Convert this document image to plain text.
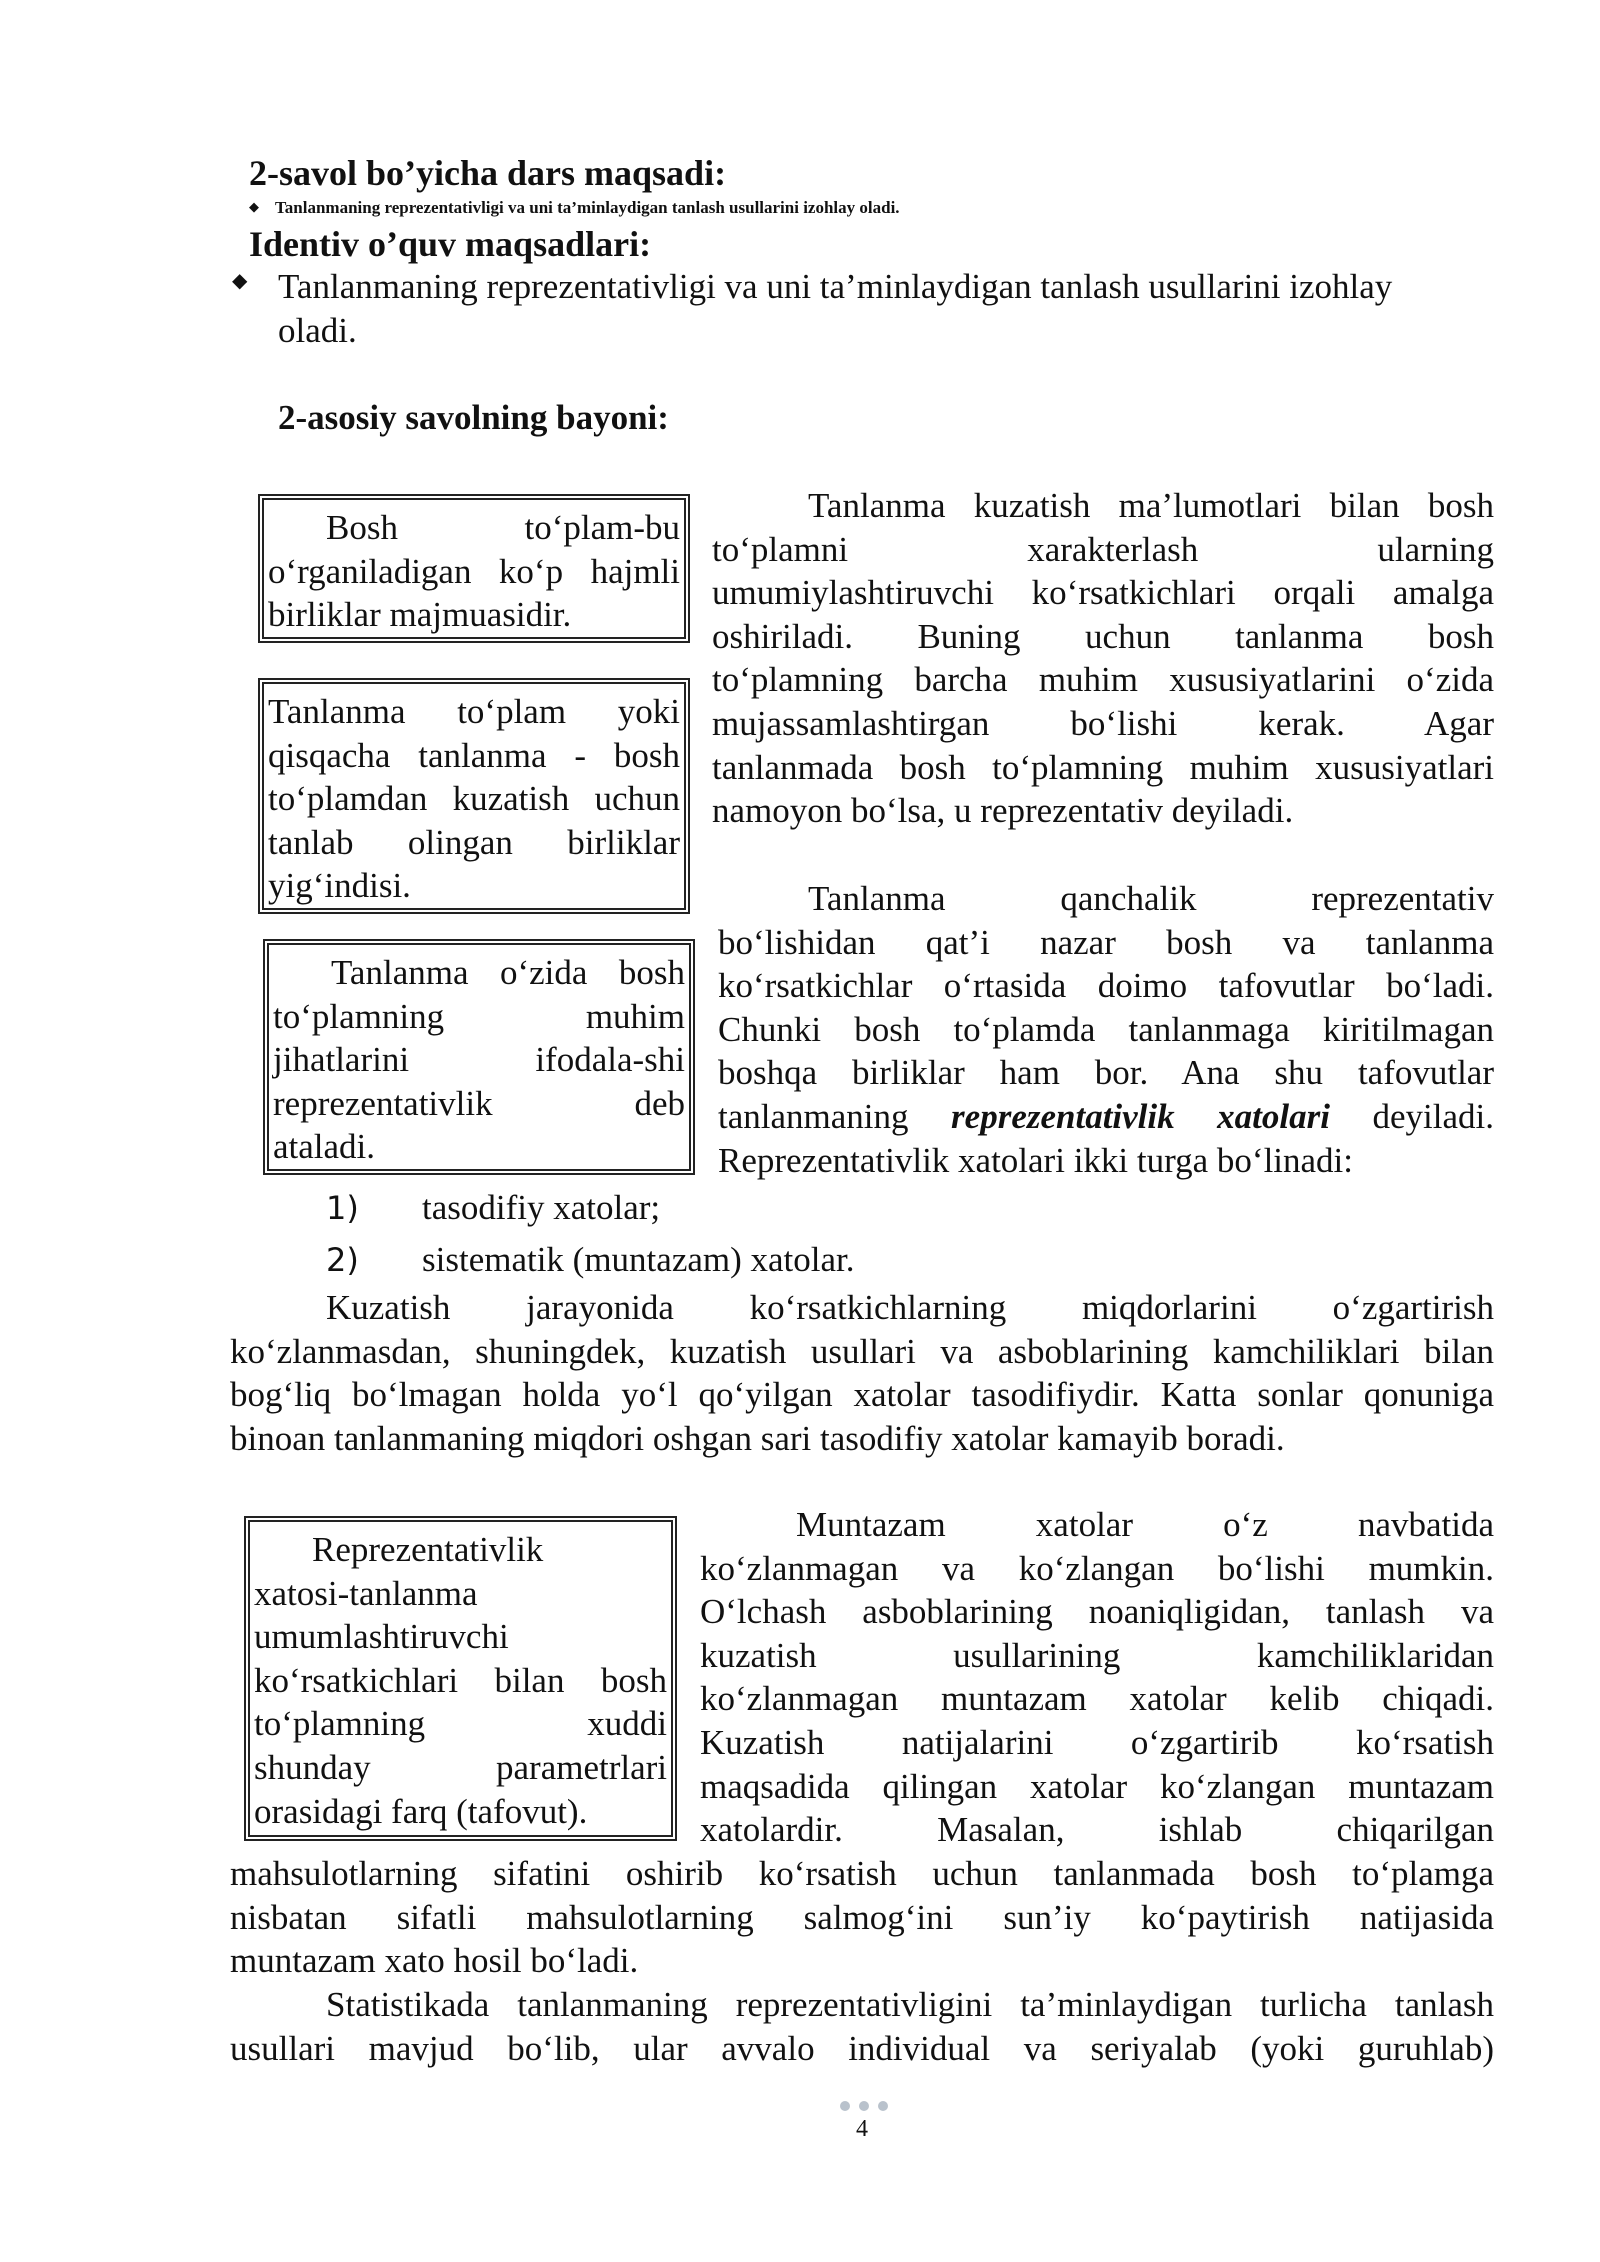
2-savol bo’yicha dars maqsadi:
◆ Tanlanmaning reprezentativligi va uni ta’minlaydigan tanlash usullarini izohlay oladi.
Identiv o’quv maqsadlari:
◆ Tanlanmaning reprezentativligi va uni ta’minlaydigan tanlash usullarini izohlay
oladi.
2-asosiy savolning bayoni:
Bosh to‘plam-bu
o‘rganiladigan ko‘p hajmli
birliklar majmuasidir.
Tanlanma to‘plam yoki
qisqacha tanlanma - bosh
to‘plamdan kuzatish uchun
tanlab olingan birliklar
yig‘indisi.
Tanlanma o‘zida bosh
to‘plamning muhim
jihatlarini ifodala-shi
reprezentativlik deb
ataladi.
Tanlanma kuzatish ma’lumotlari bilan bosh
to‘plamni xarakterlash ularning
umumiylashtiruvchi ko‘rsatkichlari orqali amalga
oshiriladi. Buning uchun tanlanma bosh
to‘plamning barcha muhim xususiyatlarini o‘zida
mujassamlashtirgan bo‘lishi kerak. Agar
tanlanmada bosh to‘plamning muhim xususiyatlari
namoyon bo‘lsa, u reprezentativ deyiladi.
Tanlanma qanchalik reprezentativ
bo‘lishidan qat’i nazar bosh va tanlanma
ko‘rsatkichlar o‘rtasida doimo tafovutlar bo‘ladi.
Chunki bosh to‘plamda tanlanmaga kiritilmagan
boshqa birliklar ham bor. Ana shu tafovutlar
tanlanmaning reprezentativlik xatolari deyiladi.
Reprezentativlik xatolari ikki turga bo‘linadi:
1) tasodifiy xatolar;
2) sistematik (muntazam) xatolar.
Kuzatish jarayonida ko‘rsatkichlarning miqdorlarini o‘zgartirish
ko‘zlanmasdan, shuningdek, kuzatish usullari va asboblarining kamchiliklari bilan
bog‘liq bo‘lmagan holda yo‘l qo‘yilgan xatolar tasodifiydir. Katta sonlar qonuniga
binoan tanlanmaning miqdori oshgan sari tasodifiy xatolar kamayib boradi.
Reprezentativlik
xatosi-tanlanma
umumlashtiruvchi
ko‘rsatkichlari bilan bosh
to‘plamning xuddi
shunday parametrlari
orasidagi farq (tafovut).
Muntazam xatolar o‘z navbatida
ko‘zlanmagan va ko‘zlangan bo‘lishi mumkin.
O‘lchash asboblarining noaniqligidan, tanlash va
kuzatish usullarining kamchiliklaridan
ko‘zlanmagan muntazam xatolar kelib chiqadi.
Kuzatish natijalarini o‘zgartirib ko‘rsatish
maqsadida qilingan xatolar ko‘zlangan muntazam
xatolardir. Masalan, ishlab chiqarilgan
mahsulotlarning sifatini oshirib ko‘rsatish uchun tanlanmada bosh to‘plamga
nisbatan sifatli mahsulotlarning salmog‘ini sun’iy ko‘paytirish natijasida
muntazam xato hosil bo‘ladi.
Statistikada tanlanmaning reprezentativligini ta’minlaydigan turlicha tanlash
usullari mavjud bo‘lib, ular avvalo individual va seriyalab (yoki guruhlab)
4
